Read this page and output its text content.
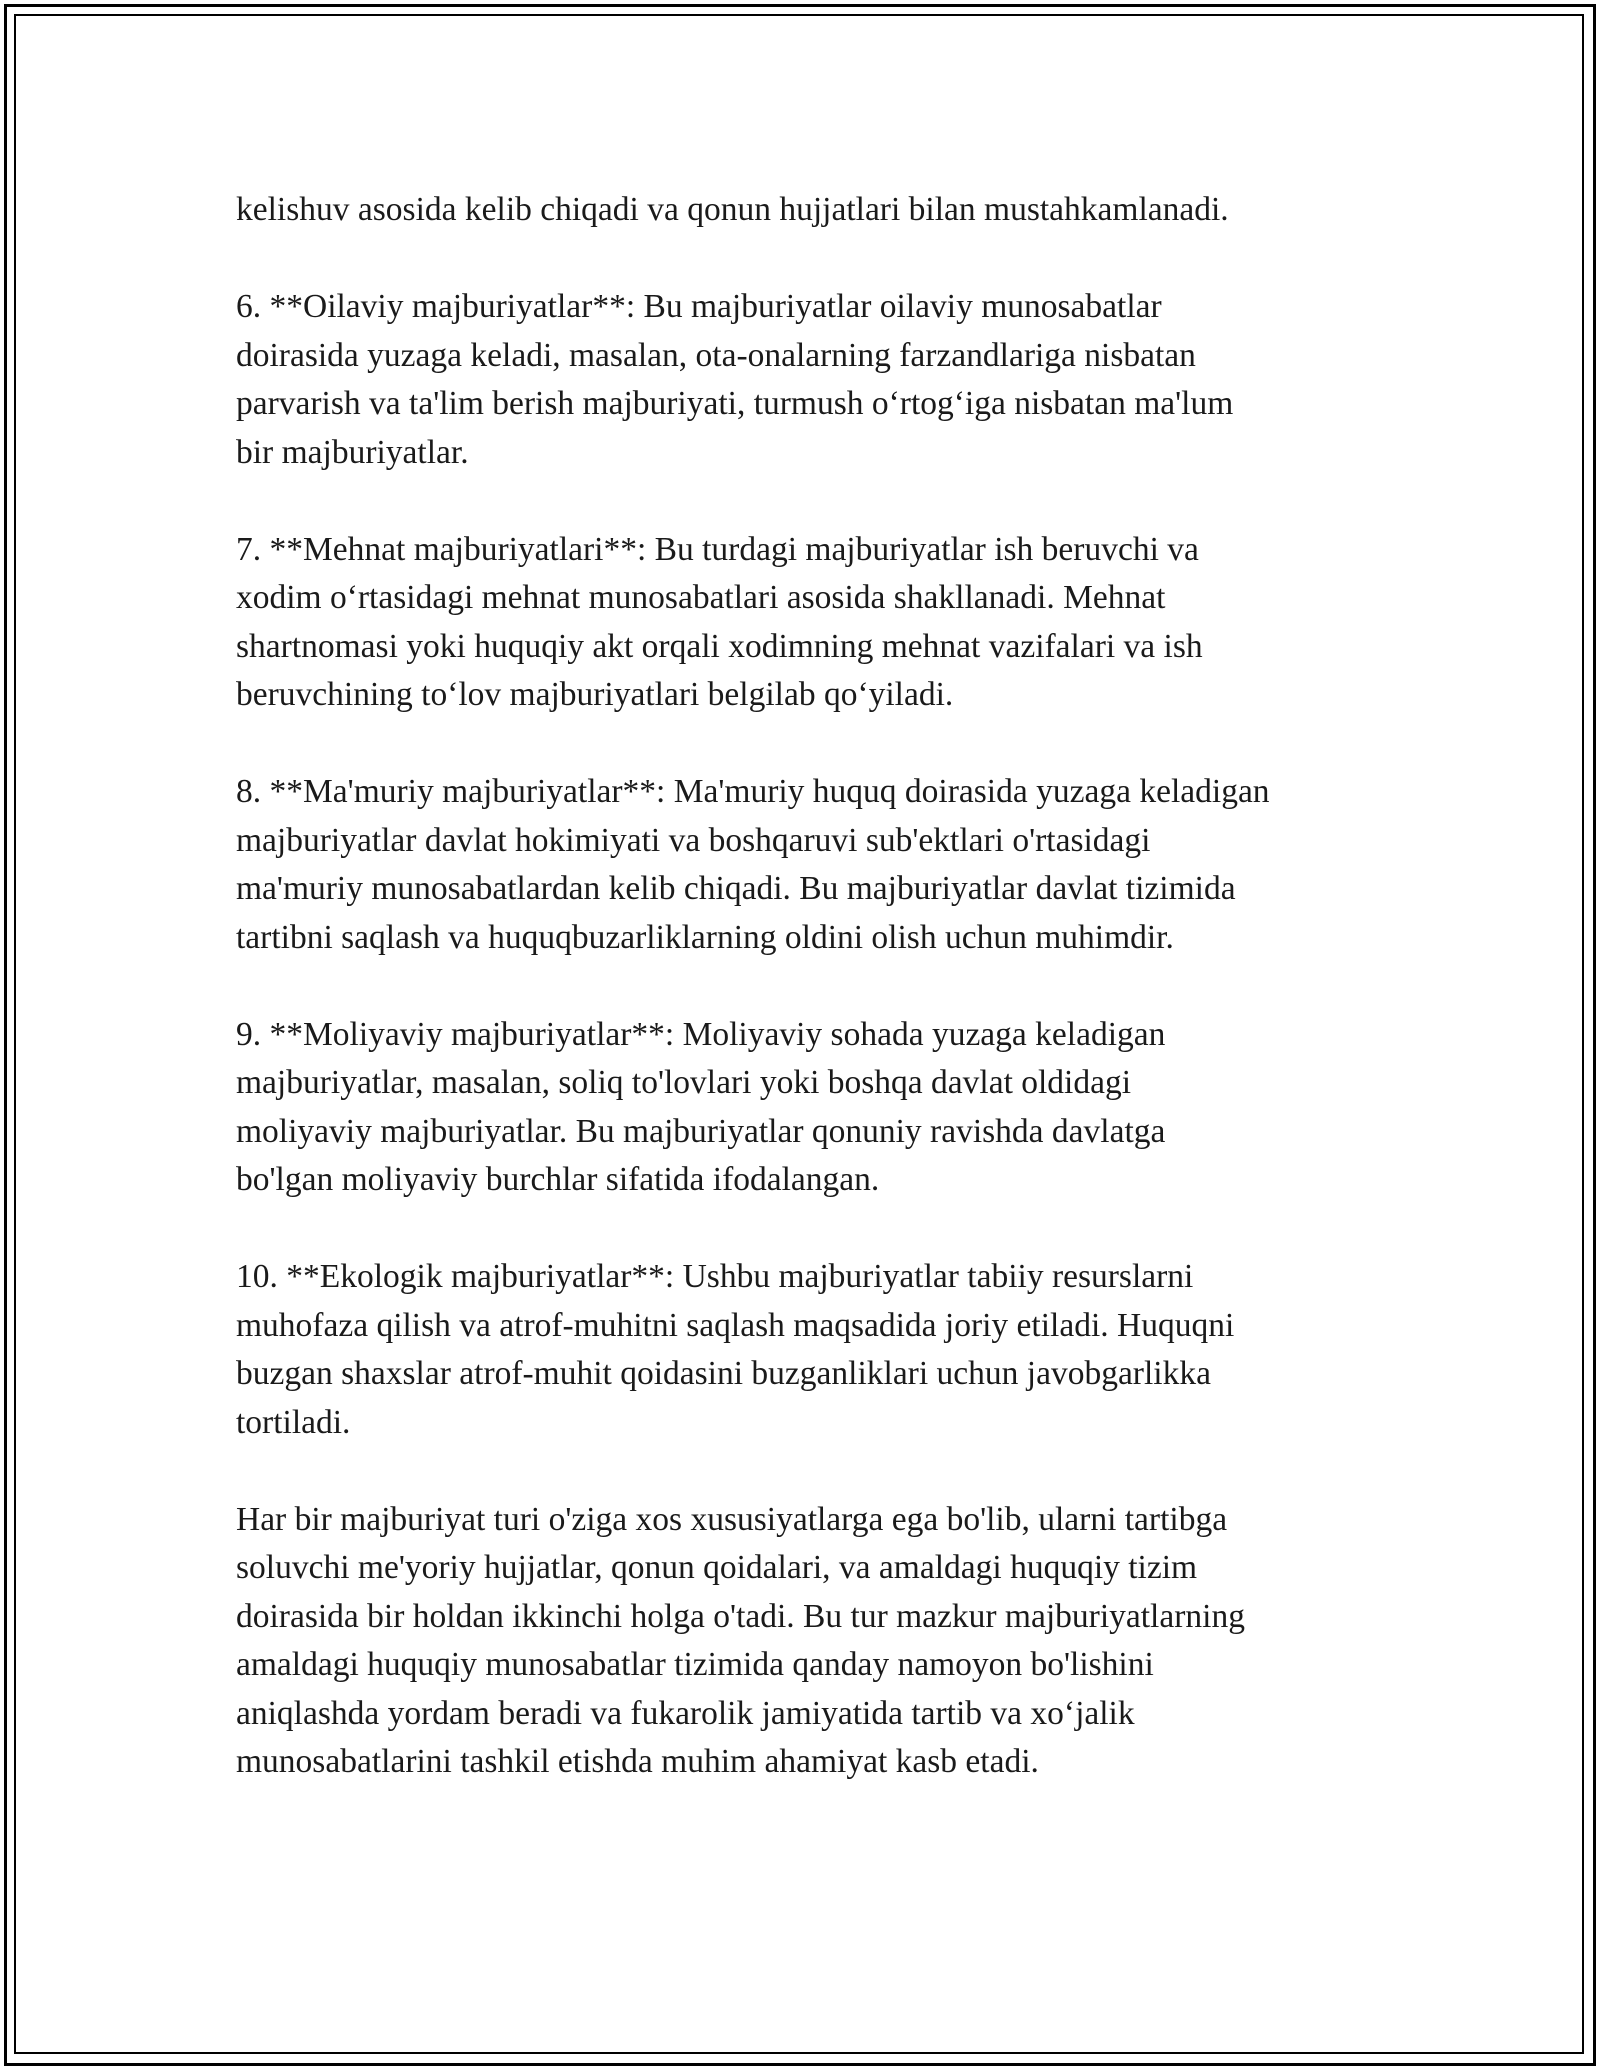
kelishuv asosida kelib chiqadi va qonun hujjatlari bilan mustahkamlanadi.

6. **Oilaviy majburiyatlar**: Bu majburiyatlar oilaviy munosabatlar
doirasida yuzaga keladi, masalan, ota-onalarning farzandlariga nisbatan
parvarish va ta'lim berish majburiyati, turmush o‘rtog‘iga nisbatan ma'lum
bir majburiyatlar.

7. **Mehnat majburiyatlari**: Bu turdagi majburiyatlar ish beruvchi va
xodim o‘rtasidagi mehnat munosabatlari asosida shakllanadi. Mehnat
shartnomasi yoki huquqiy akt orqali xodimning mehnat vazifalari va ish
beruvchining to‘lov majburiyatlari belgilab qo‘yiladi.

8. **Ma'muriy majburiyatlar**: Ma'muriy huquq doirasida yuzaga keladigan
majburiyatlar davlat hokimiyati va boshqaruvi sub'ektlari o'rtasidagi
ma'muriy munosabatlardan kelib chiqadi. Bu majburiyatlar davlat tizimida
tartibni saqlash va huquqbuzarliklarning oldini olish uchun muhimdir.

9. **Moliyaviy majburiyatlar**: Moliyaviy sohada yuzaga keladigan
majburiyatlar, masalan, soliq to'lovlari yoki boshqa davlat oldidagi
moliyaviy majburiyatlar. Bu majburiyatlar qonuniy ravishda davlatga
bo'lgan moliyaviy burchlar sifatida ifodalangan.

10. **Ekologik majburiyatlar**: Ushbu majburiyatlar tabiiy resurslarni
muhofaza qilish va atrof-muhitni saqlash maqsadida joriy etiladi. Huquqni
buzgan shaxslar atrof-muhit qoidasini buzganliklari uchun javobgarlikka
tortiladi.

Har bir majburiyat turi o'ziga xos xususiyatlarga ega bo'lib, ularni tartibga
soluvchi me'yoriy hujjatlar, qonun qoidalari, va amaldagi huquqiy tizim
doirasida bir holdan ikkinchi holga o'tadi. Bu tur mazkur majburiyatlarning
amaldagi huquqiy munosabatlar tizimida qanday namoyon bo'lishini
aniqlashda yordam beradi va fukarolik jamiyatida tartib va xo‘jalik
munosabatlarini tashkil etishda muhim ahamiyat kasb etadi.
